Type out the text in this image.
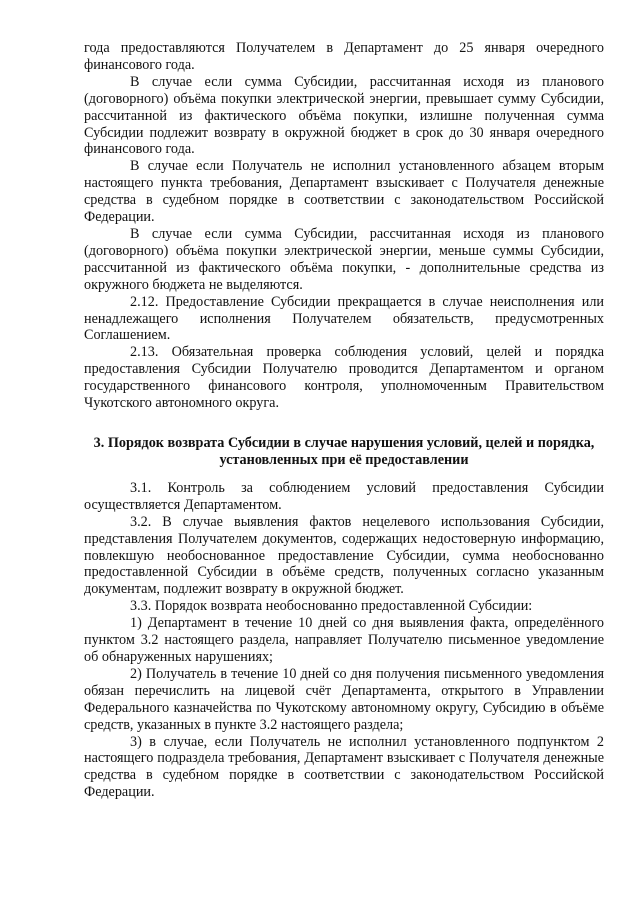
года предоставляются Получателем в Департамент до 25 января очередного финансового года.

В случае если сумма Субсидии, рассчитанная исходя из планового (договорного) объёма покупки электрической энергии, превышает сумму Субсидии, рассчитанной из фактического объёма покупки, излишне полученная сумма Субсидии подлежит возврату в окружной бюджет в срок до 30 января очередного финансового года.

В случае если Получатель не исполнил установленного абзацем вторым настоящего пункта требования, Департамент взыскивает с Получателя денежные средства в судебном порядке в соответствии с законодательством Российской Федерации.

В случае если сумма Субсидии, рассчитанная исходя из планового (договорного) объёма покупки электрической энергии, меньше суммы Субсидии, рассчитанной из фактического объёма покупки, - дополнительные средства из окружного бюджета не выделяются.

2.12. Предоставление Субсидии прекращается в случае неисполнения или ненадлежащего исполнения Получателем обязательств, предусмотренных Соглашением.

2.13. Обязательная проверка соблюдения условий, целей и порядка предоставления Субсидии Получателю проводится Департаментом и органом государственного финансового контроля, уполномоченным Правительством Чукотского автономного округа.

3. Порядок возврата Субсидии в случае нарушения условий, целей и порядка, установленных при её предоставлении

3.1. Контроль за соблюдением условий предоставления Субсидии осуществляется Департаментом.

3.2. В случае выявления фактов нецелевого использования Субсидии, представления Получателем документов, содержащих недостоверную информацию, повлекшую необоснованное предоставление Субсидии, сумма необоснованно предоставленной Субсидии в объёме средств, полученных согласно указанным документам, подлежит возврату в окружной бюджет.

3.3. Порядок возврата необоснованно предоставленной Субсидии:

1) Департамент в течение 10 дней со дня выявления факта, определённого пунктом 3.2 настоящего раздела, направляет Получателю письменное уведомление об обнаруженных нарушениях;

2) Получатель в течение 10 дней со дня получения письменного уведомления обязан перечислить на лицевой счёт Департамента, открытого в Управлении Федерального казначейства по Чукотскому автономному округу, Субсидию в объёме средств, указанных в пункте 3.2 настоящего раздела;

3) в случае, если Получатель не исполнил установленного подпунктом 2 настоящего подраздела требования, Департамент взыскивает с Получателя денежные средства в судебном порядке в соответствии с законодательством Российской Федерации.
